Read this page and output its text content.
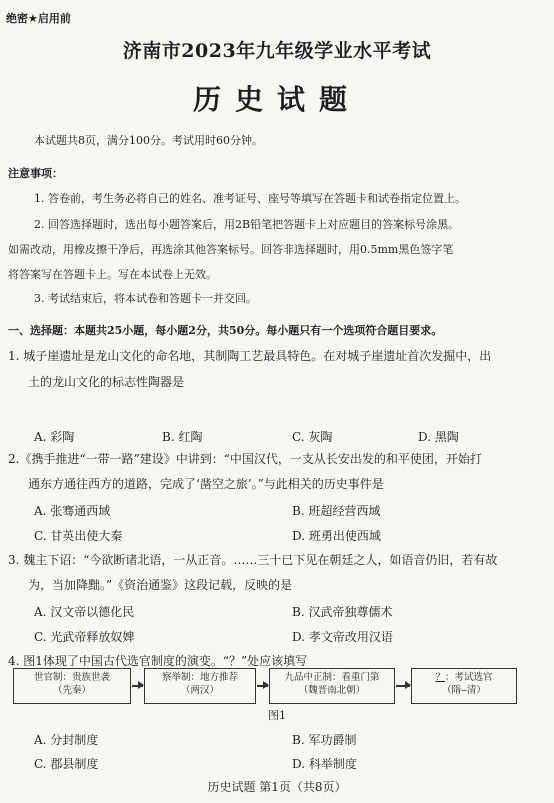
绝密★启用前
济南市2023年九年级学业水平考试
历史试题
本试题共8页，满分100分。考试用时60分钟。
注意事项：
1. 答卷前，考生务必将自己的姓名、准考证号、座号等填写在答题卡和试卷指定位置上。
2. 回答选择题时，选出每小题答案后，用2B铅笔把答题卡上对应题目的答案标号涂黑。
如需改动，用橡皮擦干净后，再选涂其他答案标号。回答非选择题时，用0.5mm黑色签字笔
将答案写在答题卡上。写在本试卷上无效。
3. 考试结束后，将本试卷和答题卡一并交回。
一、选择题：本题共25小题，每小题2分，共50分。每小题只有一个选项符合题目要求。
1. 城子崖遗址是龙山文化的命名地，其制陶工艺最具特色。在对城子崖遗址首次发掘中，出
土的龙山文化的标志性陶器是
A. 彩陶	B. 红陶	C. 灰陶	D. 黑陶
2.《携手推进“一带一路”建设》中讲到：“中国汉代，一支从长安出发的和平使团，开始打
通东方通往西方的道路，完成了‘凿空之旅’。”与此相关的历史事件是
A. 张骞通西域	B. 班超经营西域
C. 甘英出使大秦	D. 班勇出使西域
3. 魏主下诏：“今欲断诸北语，一从正音。……三十已下见在朝廷之人，如语音仍旧，若有故
为，当加降黜。”《资治通鉴》这段记载，反映的是
A. 汉文帝以德化民	B. 汉武帝独尊儒术
C. 光武帝释放奴婢	D. 孝文帝改用汉语
4. 图1体现了中国古代选官制度的演变。“？”处应该填写
世官制：贵族世袭
（先秦）
察举制：地方推荐
（两汉）
九品中正制：看重门第
（魏晋南北朝）
？：考试选官
（隋—清）
图1
A. 分封制度	B. 军功爵制
C. 郡县制度	D. 科举制度
历史试题 第1页（共8页）
